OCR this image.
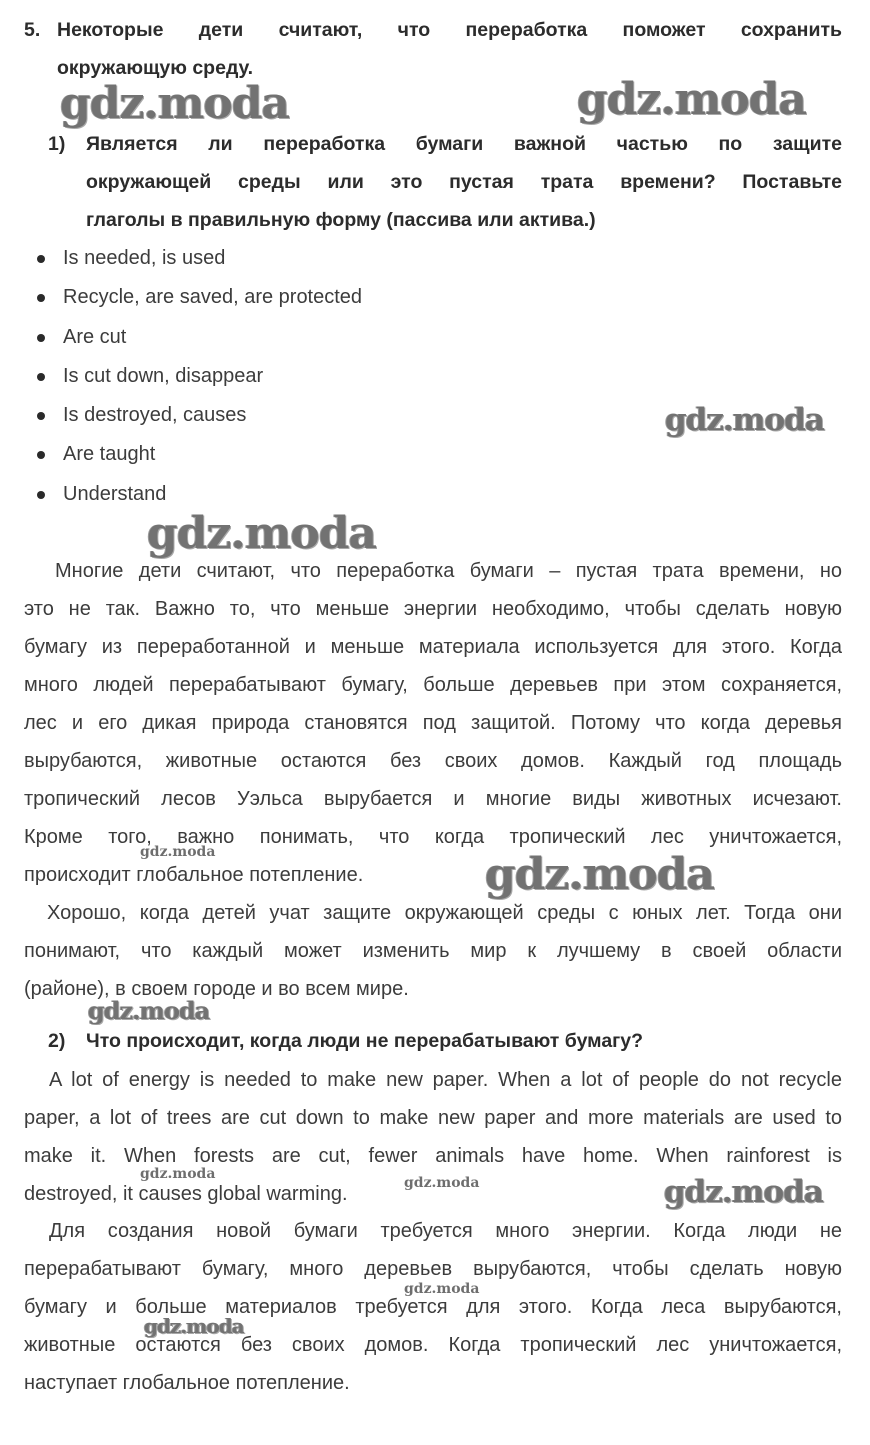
5. Некоторые дети считают, что переработка поможет сохранить
окружающую среду.
1) Является ли переработка бумаги важной частью по защите
окружающей среды или это пустая трата времени? Поставьте
глаголы в правильную форму (пассива или актива.)
Is needed, is used
Recycle, are saved, are protected
Are cut
Is cut down, disappear
Is destroyed, causes
Are taught
Understand
Многие дети считают, что переработка бумаги – пустая трата времени, но
это не так. Важно то, что меньше энергии необходимо, чтобы сделать новую
бумагу из переработанной и меньше материала используется для этого. Когда
много людей перерабатывают бумагу, больше деревьев при этом сохраняется,
лес и его дикая природа становятся под защитой. Потому что когда деревья
вырубаются, животные остаются без своих домов. Каждый год площадь
тропический лесов Уэльса вырубается и многие виды животных исчезают.
Кроме того, важно понимать, что когда тропический лес уничтожается,
происходит глобальное потепление.
Хорошо, когда детей учат защите окружающей среды с юных лет. Тогда они
понимают, что каждый может изменить мир к лучшему в своей области
(районе), в своем городе и во всем мире.
2) Что происходит, когда люди не перерабатывают бумагу?
A lot of energy is needed to make new paper. When a lot of people do not recycle
paper, a lot of trees are cut down to make new paper and more materials are used to
make it. When forests are cut, fewer animals have home. When rainforest is
destroyed, it causes global warming.
Для создания новой бумаги требуется много энергии. Когда люди не
перерабатывают бумагу, много деревьев вырубаются, чтобы сделать новую
бумагу и больше материалов требуется для этого. Когда леса вырубаются,
животные остаются без своих домов. Когда тропический лес уничтожается,
наступает глобальное потепление.
gdz.moda	gdz.moda
gdz.moda
gdz.moda
gdz.moda	gdz.moda
gdz.moda
gdz.moda
gdz.moda	gdz.moda
gdz.moda
gdz.moda
